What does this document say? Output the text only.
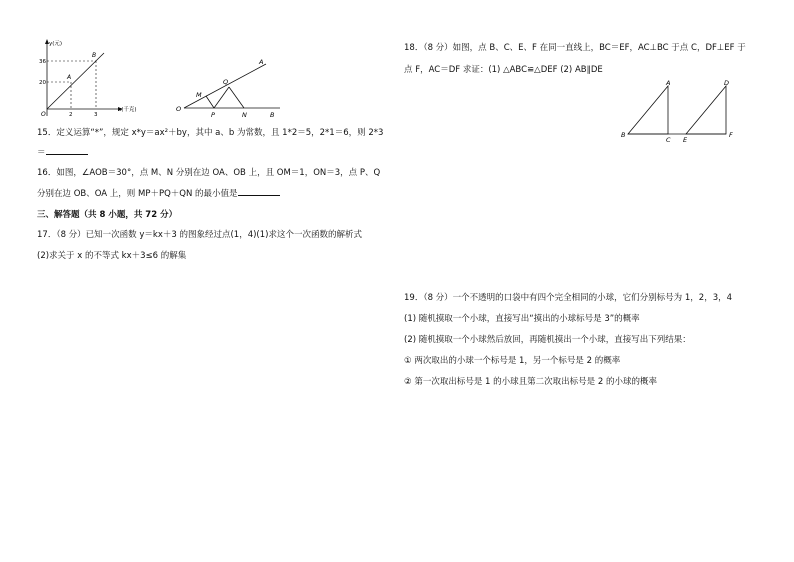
y(元)
x(千克)
36
20
2	3
O
A
B
O
M
P
Q
N
A
B
15．定义运算“*”，规定 x*y＝ax²＋by，其中 a、b 为常数，且 1*2＝5，2*1＝6，则 2*3
＝
16．如图，∠AOB＝30°，点 M、N 分别在边 OA、OB 上，且 OM＝1，ON＝3，点 P、Q
分别在边 OB、OA 上，则 MP＋PQ＋QN 的最小值是
三、解答题（共 8 小题，共 72 分）
17．（8 分）已知一次函数 y＝kx＋3 的图象经过点(1，4)(1)求这个一次函数的解析式
(2)求关于 x 的不等式 kx＋3≤6 的解集
18．（8 分）如图，点 B、C、E、F 在同一直线上，BC＝EF，AC⊥BC 于点 C，DF⊥EF 于
点 F，AC＝DF 求证：(1) △ABC≌△DEF (2) AB∥DE
A
B
C E
D
F
19．（8 分）一个不透明的口袋中有四个完全相同的小球，它们分别标号为 1，2，3，4
(1) 随机摸取一个小球，直接写出“摸出的小球标号是 3”的概率
(2) 随机摸取一个小球然后放回，再随机摸出一个小球，直接写出下列结果：
① 两次取出的小球一个标号是 1，另一个标号是 2 的概率
② 第一次取出标号是 1 的小球且第二次取出标号是 2 的小球的概率
